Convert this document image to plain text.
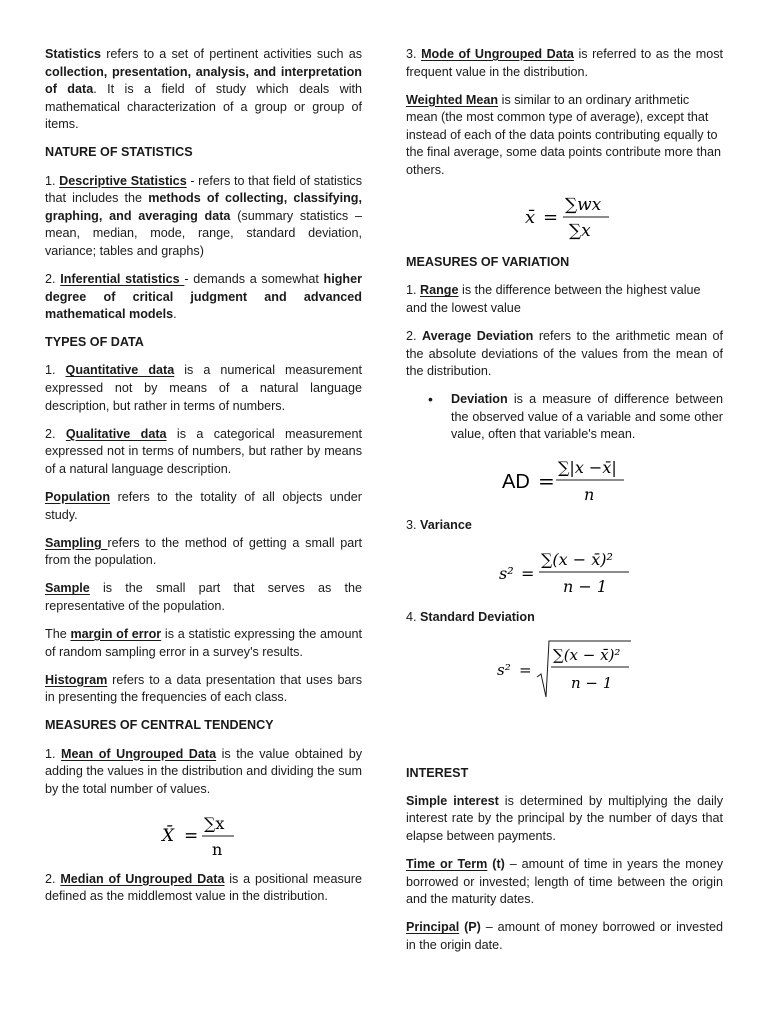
Statistics refers to a set of pertinent activities such as collection, presentation, analysis, and interpretation of data. It is a field of study which deals with mathematical characterization of a group or group of items.

NATURE OF STATISTICS

1. Descriptive Statistics - refers to that field of statistics that includes the methods of collecting, classifying, graphing, and averaging data (summary statistics – mean, median, mode, range, standard deviation, variance; tables and graphs)

2. Inferential statistics - demands a somewhat higher degree of critical judgment and advanced mathematical models.

TYPES OF DATA

1. Quantitative data is a numerical measurement expressed not by means of a natural language description, but rather in terms of numbers.

2. Qualitative data is a categorical measurement expressed not in terms of numbers, but rather by means of a natural language description.

Population refers to the totality of all objects under study.

Sampling refers to the method of getting a small part from the population.

Sample is the small part that serves as the representative of the population.

The margin of error is a statistic expressing the amount of random sampling error in a survey's results.

Histogram refers to a data presentation that uses bars in presenting the frequencies of each class.

MEASURES OF CENTRAL TENDENCY

1. Mean of Ungrouped Data is the value obtained by adding the values in the distribution and dividing the sum by the total number of values.

X̄ =
∑x
n

2. Median of Ungrouped Data is a positional measure defined as the middlemost value in the distribution.

3. Mode of Ungrouped Data is referred to as the most frequent value in the distribution.

Weighted Mean is similar to an ordinary arithmetic mean (the most common type of average), except that instead of each of the data points contributing equally to the final average, some data points contribute more than others.

x̄ =
∑wx
∑x
MEASURES OF VARIATION

1. Range is the difference between the highest value and the lowest value

2. Average Deviation refers to the arithmetic mean of the absolute deviations of the values from the mean of the distribution.

• Deviation is a measure of difference between the observed value of a variable and some other value, often that variable's mean.

AD =
∑|x −x̄|
n

3. Variance

s² =
∑(x − x̄)²
n − 1

4. Standard Deviation

s² =
∑(x − x̄)²
n − 1
INTEREST

Simple interest is determined by multiplying the daily interest rate by the principal by the number of days that elapse between payments.

Time or Term (t) – amount of time in years the money borrowed or invested; length of time between the origin and the maturity dates.

Principal (P) – amount of money borrowed or invested in the origin date.
